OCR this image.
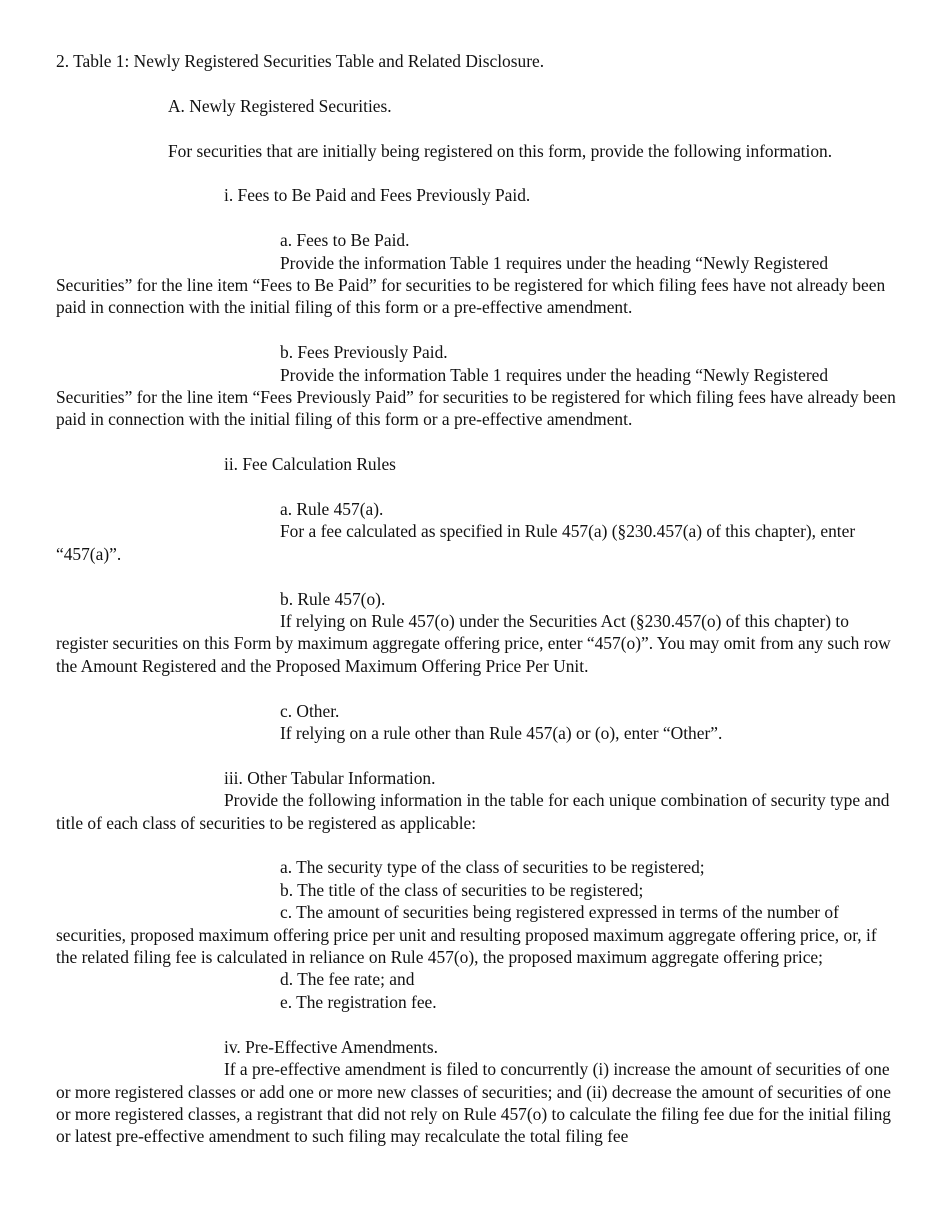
2. Table 1: Newly Registered Securities Table and Related Disclosure.

A. Newly Registered Securities.

For securities that are initially being registered on this form, provide the following information.

i. Fees to Be Paid and Fees Previously Paid.

a. Fees to Be Paid.

Provide the information Table 1 requires under the heading “Newly Registered Securities” for the line item “Fees to Be Paid” for securities to be registered for which filing fees have not already been paid in connection with the initial filing of this form or a pre-effective amendment.

b. Fees Previously Paid.

Provide the information Table 1 requires under the heading “Newly Registered Securities” for the line item “Fees Previously Paid” for securities to be registered for which filing fees have already been paid in connection with the initial filing of this form or a pre-effective amendment.

ii. Fee Calculation Rules

a. Rule 457(a).

For a fee calculated as specified in Rule 457(a) (§230.457(a) of this chapter), enter “457(a)”.

b. Rule 457(o).

If relying on Rule 457(o) under the Securities Act (§230.457(o) of this chapter) to register securities on this Form by maximum aggregate offering price, enter “457(o)”. You may omit from any such row the Amount Registered and the Proposed Maximum Offering Price Per Unit.

c. Other.

If relying on a rule other than Rule 457(a) or (o), enter “Other”.

iii. Other Tabular Information.

Provide the following information in the table for each unique combination of security type and title of each class of securities to be registered as applicable:

a. The security type of the class of securities to be registered;

b. The title of the class of securities to be registered;

c. The amount of securities being registered expressed in terms of the number of securities, proposed maximum offering price per unit and resulting proposed maximum aggregate offering price, or, if the related filing fee is calculated in reliance on Rule 457(o), the proposed maximum aggregate offering price;

d. The fee rate; and

e. The registration fee.

iv. Pre-Effective Amendments.

If a pre-effective amendment is filed to concurrently (i) increase the amount of securities of one or more registered classes or add one or more new classes of securities; and (ii) decrease the amount of securities of one or more registered classes, a registrant that did not rely on Rule 457(o) to calculate the filing fee due for the initial filing or latest pre-effective amendment to such filing may recalculate the total filing fee
